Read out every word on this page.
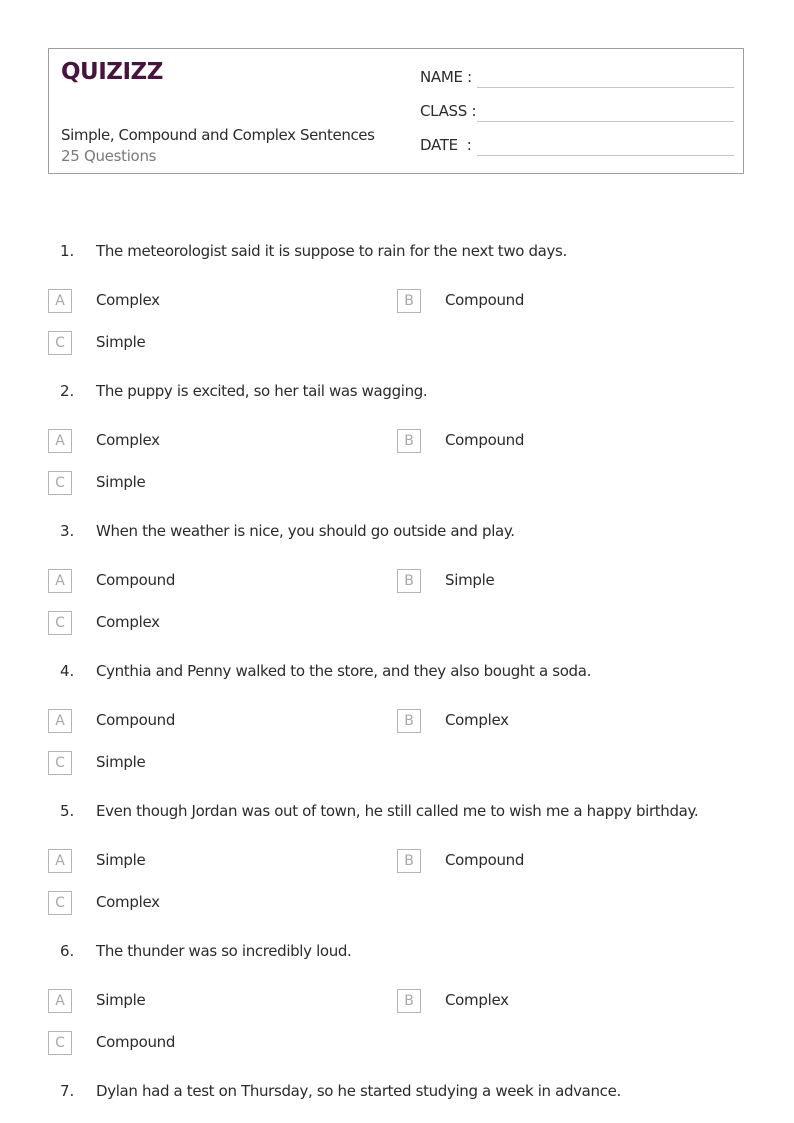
QUIZIZZ
Simple, Compound and Complex Sentences
25 Questions
NAME :
CLASS :
DATE  :
1. The meteorologist said it is suppose to rain for the next two days.
A	Complex	B	Compound
C	Simple
2. The puppy is excited, so her tail was wagging.
A	Complex	B	Compound
C	Simple
3. When the weather is nice, you should go outside and play.
A	Compound	B	Simple
C	Complex
4. Cynthia and Penny walked to the store, and they also bought a soda.
A	Compound	B	Complex
C	Simple
5. Even though Jordan was out of town, he still called me to wish me a happy birthday.
A	Simple	B	Compound
C	Complex
6. The thunder was so incredibly loud.
A	Simple	B	Complex
C	Compound
7. Dylan had a test on Thursday, so he started studying a week in advance.
